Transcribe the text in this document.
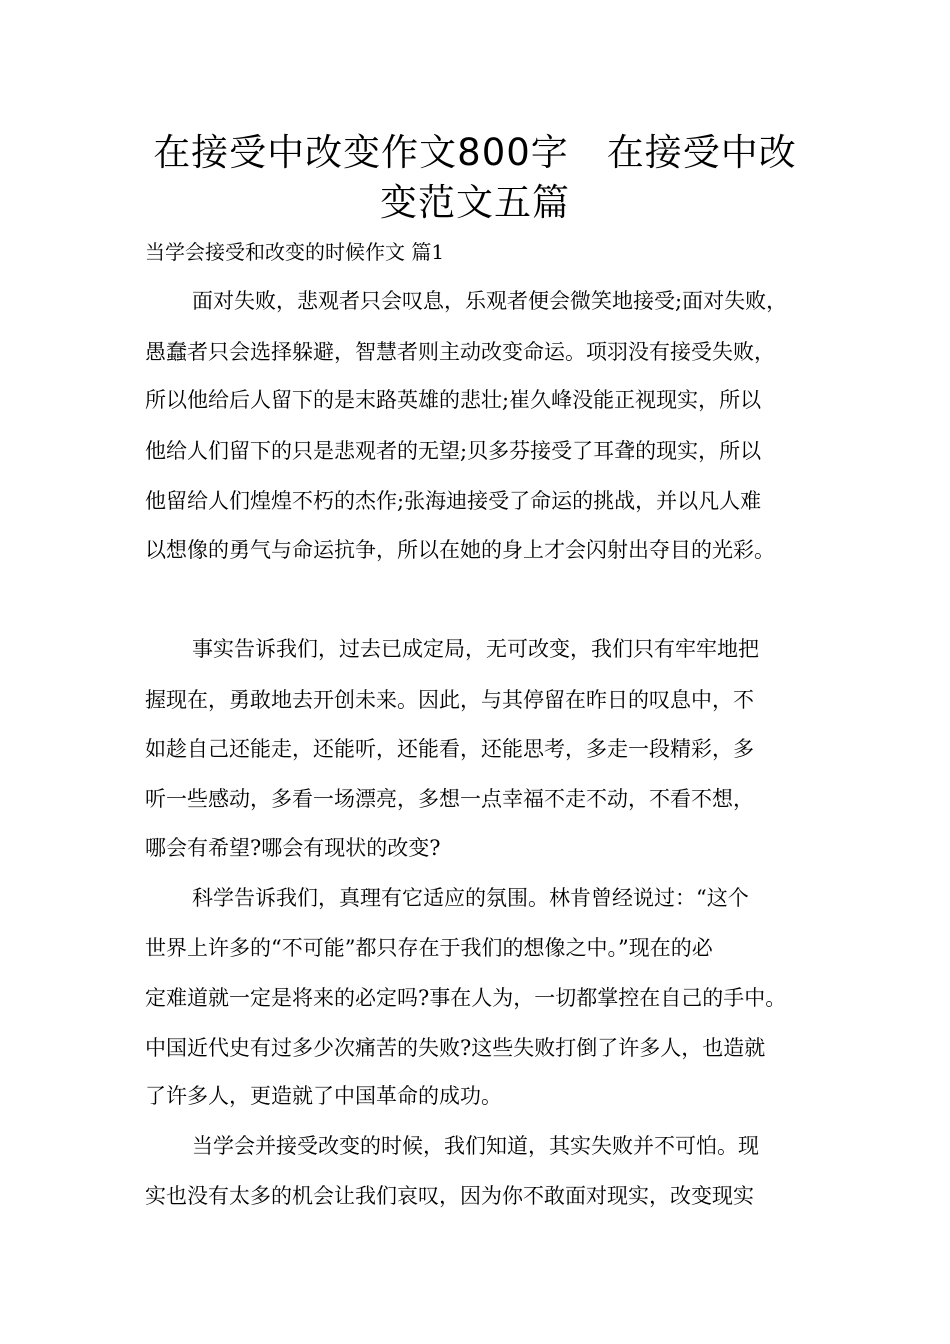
在接受中改变作文800字　在接受中改
变范文五篇
当学会接受和改变的时候作文 篇1
面对失败，悲观者只会叹息，乐观者便会微笑地接受;面对失败，
愚蠢者只会选择躲避，智慧者则主动改变命运。项羽没有接受失败，
所以他给后人留下的是末路英雄的悲壮;崔久峰没能正视现实，所以
他给人们留下的只是悲观者的无望;贝多芬接受了耳聋的现实，所以
他留给人们煌煌不朽的杰作;张海迪接受了命运的挑战，并以凡人难
以想像的勇气与命运抗争，所以在她的身上才会闪射出夺目的光彩。
事实告诉我们，过去已成定局，无可改变，我们只有牢牢地把
握现在，勇敢地去开创未来。因此，与其停留在昨日的叹息中，不
如趁自己还能走，还能听，还能看，还能思考，多走一段精彩，多
听一些感动，多看一场漂亮，多想一点幸福不走不动，不看不想，
哪会有希望?哪会有现状的改变?
科学告诉我们，真理有它适应的氛围。林肯曾经说过：“这个
世界上许多的“不可能”都只存在于我们的想像之中。”现在的必
定难道就一定是将来的必定吗?事在人为，一切都掌控在自己的手中。
中国近代史有过多少次痛苦的失败?这些失败打倒了许多人，也造就
了许多人，更造就了中国革命的成功。
当学会并接受改变的时候，我们知道，其实失败并不可怕。现
实也没有太多的机会让我们哀叹，因为你不敢面对现实，改变现实
